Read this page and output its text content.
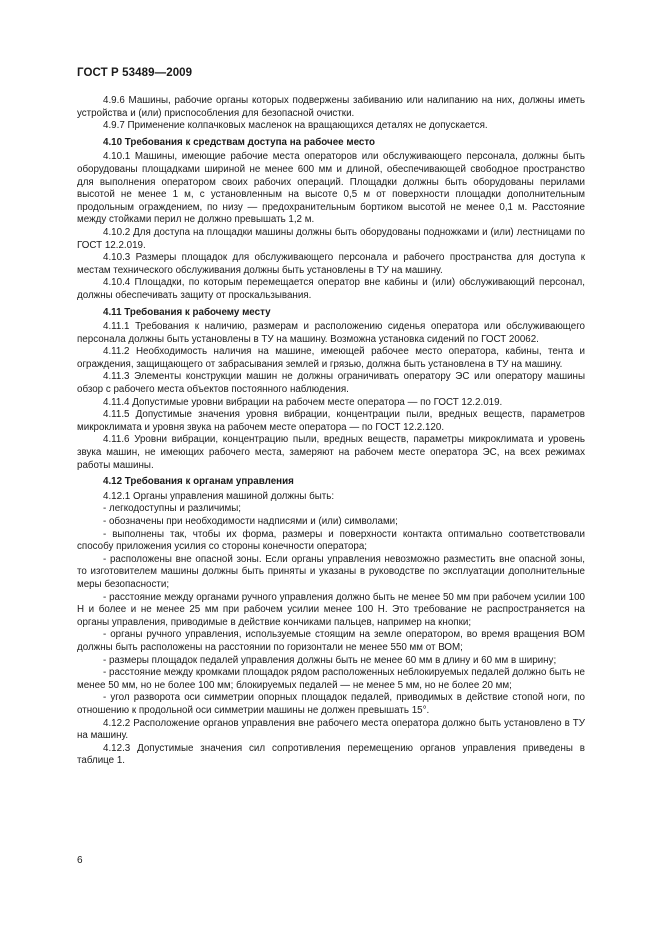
ГОСТ Р 53489—2009

4.9.6 Машины, рабочие органы которых подвержены забиванию или налипанию на них, должны иметь устройства и (или) приспособления для безопасной очистки.

4.9.7 Применение колпачковых масленок на вращающихся деталях не допускается.

4.10 Требования к средствам доступа на рабочее место

4.10.1 Машины, имеющие рабочие места операторов или обслуживающего персонала, должны быть оборудованы площадками шириной не менее 600 мм и длиной, обеспечивающей свободное пространство для выполнения оператором своих рабочих операций. Площадки должны быть оборудованы перилами высотой не менее 1 м, с установленным на высоте 0,5 м от поверхности площадки дополнительным продольным ограждением, по низу — предохранительным бортиком высотой не менее 0,1 м. Расстояние между стойками перил не должно превышать 1,2 м.

4.10.2 Для доступа на площадки машины должны быть оборудованы подножками и (или) лестницами по ГОСТ 12.2.019.

4.10.3 Размеры площадок для обслуживающего персонала и рабочего пространства для доступа к местам технического обслуживания должны быть установлены в ТУ на машину.

4.10.4 Площадки, по которым перемещается оператор вне кабины и (или) обслуживающий персонал, должны обеспечивать защиту от проскальзывания.

4.11 Требования к рабочему месту

4.11.1 Требования к наличию, размерам и расположению сиденья оператора или обслуживающего персонала должны быть установлены в ТУ на машину. Возможна установка сидений по ГОСТ 20062.

4.11.2 Необходимость наличия на машине, имеющей рабочее место оператора, кабины, тента и ограждения, защищающего от забрасывания землей и грязью, должна быть установлена в ТУ на машину.

4.11.3 Элементы конструкции машин не должны ограничивать оператору ЭС или оператору машины обзор с рабочего места объектов постоянного наблюдения.

4.11.4 Допустимые уровни вибрации на рабочем месте оператора — по ГОСТ 12.2.019.

4.11.5 Допустимые значения уровня вибрации, концентрации пыли, вредных веществ, параметров микроклимата и уровня звука на рабочем месте оператора — по ГОСТ 12.2.120.

4.11.6 Уровни вибрации, концентрацию пыли, вредных веществ, параметры микроклимата и уровень звука машин, не имеющих рабочего места, замеряют на рабочем месте оператора ЭС, на всех режимах работы машины.

4.12 Требования к органам управления

4.12.1 Органы управления машиной должны быть:

- легкодоступны и различимы;

- обозначены при необходимости надписями и (или) символами;

- выполнены так, чтобы их форма, размеры и поверхности контакта оптимально соответствовали способу приложения усилия со стороны конечности оператора;

- расположены вне опасной зоны. Если органы управления невозможно разместить вне опасной зоны, то изготовителем машины должны быть приняты и указаны в руководстве по эксплуатации дополнительные меры безопасности;

- расстояние между органами ручного управления должно быть не менее 50 мм при рабочем усилии 100 Н и более и не менее 25 мм при рабочем усилии менее 100 Н. Это требование не распространяется на органы управления, приводимые в действие кончиками пальцев, например на кнопки;

- органы ручного управления, используемые стоящим на земле оператором, во время вращения ВОМ должны быть расположены на расстоянии по горизонтали не менее 550 мм от ВОМ;

- размеры площадок педалей управления должны быть не менее 60 мм в длину и 60 мм в ширину;

- расстояние между кромками площадок рядом расположенных неблокируемых педалей должно быть не менее 50 мм, но не более 100 мм; блокируемых педалей — не менее 5 мм, но не более 20 мм;

- угол разворота оси симметрии опорных площадок педалей, приводимых в действие стопой ноги, по отношению к продольной оси симметрии машины не должен превышать 15°.

4.12.2 Расположение органов управления вне рабочего места оператора должно быть установлено в ТУ на машину.

4.12.3 Допустимые значения сил сопротивления перемещению органов управления приведены в таблице 1.

6
